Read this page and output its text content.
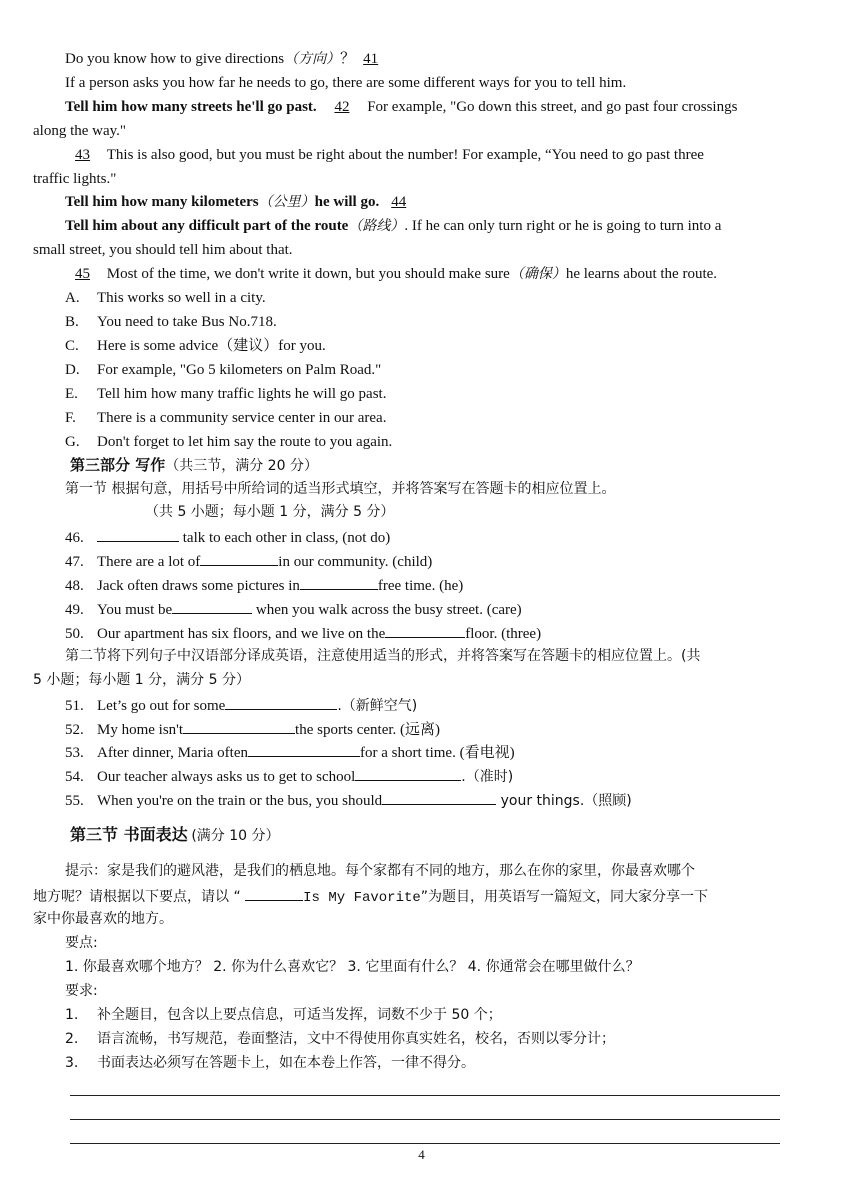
Do you know how to give directions（方向）？ 41
If a person asks you how far he needs to go, there are some different ways for you to tell him.
Tell him how many streets he'll go past. 42 For example, "Go down this street, and go past four crossings
along the way."
43 This is also good, but you must be right about the number! For example, “You need to go past three
traffic lights."
Tell him how many kilometers（公里）he will go. 44
Tell him about any difficult part of the route（路线）. If he can only turn right or he is going to turn into a
small street, you should tell him about that.
45 Most of the time, we don't write it down, but you should make sure（确保）he learns about the route.
A. This works so well in a city.
B. You need to take Bus No.718.
C. Here is some advice（建议）for you.
D. For example, "Go 5 kilometers on Palm Road."
E. Tell him how many traffic lights he will go past.
F. There is a community service center in our area.
G. Don't forget to let him say the route to you again.
第三部分 写作（共三节，满分 20 分）
第一节 根据句意，用括号中所给词的适当形式填空，并将答案写在答题卡的相应位置上。
（共 5 小题；每小题 1 分，满分 5 分）
46.	talk to each other in class, (not do)
47. There are a lot of	in our community. (child)
48. Jack often draws some pictures in	free time. (he)
49. You must be	when you walk across the busy street. (care)
50. Our apartment has six floors, and we live on the	floor. (three)
第二节将下列句子中汉语部分译成英语，注意使用适当的形式，并将答案写在答题卡的相应位置上。(共
5 小题；每小题 1 分，满分 5 分）
51. Let’s go out for some	.（新鲜空气)
52. My home isn't	the sports center. (远离)
53. After dinner, Maria often	for a short time. (看电视)
54. Our teacher always asks us to get to school	.（准时)
55. When you're on the train or the bus, you should	your things.（照顾)
第三节 书面表达 (满分 10 分）
提示：家是我们的避风港，是我们的栖息地。每个家都有不同的地方，那么在你的家里，你最喜欢哪个
地方呢？请根据以下要点，请以 “	Is My Favorite”为题目，用英语写一篇短文，同大家分享一下
家中你最喜欢的地方。
要点:
1. 你最喜欢哪个地方？ 2. 你为什么喜欢它？ 3. 它里面有什么？ 4. 你通常会在哪里做什么？
要求:
1. 补全题目，包含以上要点信息，可适当发挥，词数不少于 50 个；
2. 语言流畅，书写规范，卷面整洁，文中不得使用你真实姓名，校名，否则以零分计；
3. 书面表达必须写在答题卡上，如在本卷上作答，一律不得分。
4
